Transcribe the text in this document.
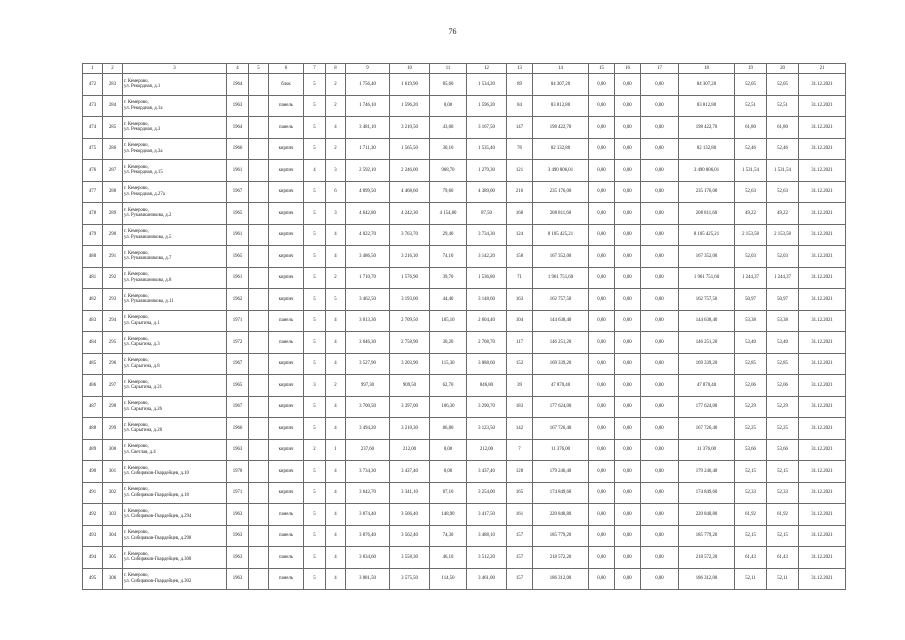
76
1	2	3	4	5	6	7	8	9	10	11	12	13	14	15	16	17	18	19	20	21
472	283	г. Кемерово,
ул. Рекордная, д.1	1964		блок	5	2	1 756,40	1 619,90	85,60	1 534,20	89	84 307,20	0,00	0,00	0,00	84 307,20	52,05	52,05	31.12.2021
473	284	г. Кемерово,
ул. Рекордная, д.1а	1963		панель	5	2	1 746,10	1 596,20	0,00	1 596,20	84	83 812,80	0,00	0,00	0,00	83 812,80	52,51	52,51	31.12.2021
474	285	г. Кемерово,
ул. Рекордная, д.3	1964		панель	5	4	3 481,10	3 210,50	43,00	3 167,50	147	198 422,70	0,00	0,00	0,00	198 422,70	61,80	61,80	31.12.2021
475	286	г. Кемерово,
ул. Рекордная, д.3а	1966		кирпич	5	2	1 711,30	1 565,50	30,10	1 535,40	76	82 132,80	0,00	0,00	0,00	82 132,80	52,46	52,46	31.12.2021
476	287	г. Кемерово,
ул. Рекордная, д.15	1961		кирпич	4	3	2 592,10	2 246,00	968,70	1 279,30	121	3 490 806,01	0,00	0,00	0,00	3 490 806,01	1 531,54	1 531,54	31.12.2021
477	288	г. Кемерово,
ул. Рекордная, д.27а	1967		кирпич	5	6	4 899,50	4 468,60	79,60	4 389,00	216	235 176,00	0,00	0,00	0,00	235 176,00	52,63	52,63	31.12.2021
478	289	г. Кемерово,
ул. Рукавишникова, д.2	1965		кирпич	5	3	4 642,80	4 242,30	4 154,80	87,50	168	208 811,60	0,00	0,00	0,00	208 811,60	49,22	49,22	31.12.2021
479	290	г. Кемерово,
ул. Рукавишникова, д.5	1961		кирпич	5	4	4 022,70	3 763,70	29,40	3 734,30	124	8 105 425,21	0,00	0,00	0,00	8 105 425,21	2 153,58	2 153,58	31.12.2021
480	291	г. Кемерово,
ул. Рукавишникова, д.7	1965		кирпич	5	4	3 486,50	3 216,30	74,10	3 142,20	158	167 352,00	0,00	0,00	0,00	167 352,00	52,03	52,03	31.12.2021
481	292	г. Кемерово,
ул. Рукавишникова, д.8	1961		кирпич	5	2	1 710,70	1 576,90	39,70	1 536,80	71	1 961 751,60	0,00	0,00	0,00	1 961 751,60	1 244,37	1 244,37	31.12.2021
482	293	г. Кемерово,
ул. Рукавишникова, д.11	1962		кирпич	5	5	3 462,50	3 193,00	44,40	3 148,60	163	162 757,50	0,00	0,00	0,00	162 757,50	50,97	50,97	31.12.2021
483	294	г. Кемерово,
ул. Сарыгина, д.1	1971		панель	5	4	3 013,30	2 709,50	105,10	2 604,40	104	144 638,40	0,00	0,00	0,00	144 638,40	53,38	53,38	31.12.2021
484	295	г. Кемерово,
ул. Сарыгина, д.3	1972		панель	5	4	3 046,30	2 758,90	30,20	2 708,70	117	146 251,20	0,00	0,00	0,00	146 251,20	53,40	53,40	31.12.2021
485	296	г. Кемерово,
ул. Сарыгина, д.8	1967		кирпич	5	4	3 527,90	3 203,90	115,30	3 088,60	152	169 339,20	0,00	0,00	0,00	169 339,20	52,85	52,85	31.12.2021
486	297	г. Кемерово,
ул. Сарыгина, д.21	1965		кирпич	3	2	997,30	909,50	62,70	846,80	39	47 870,40	0,00	0,00	0,00	47 870,40	52,06	52,06	31.12.2021
487	298	г. Кемерово,
ул. Сарыгина, д.26	1967		кирпич	5	4	3 700,50	3 397,00	106,30	3 290,70	183	177 624,00	0,00	0,00	0,00	177 624,00	52,29	52,29	31.12.2021
488	299	г. Кемерово,
ул. Сарыгина, д.28	1966		кирпич	5	4	3 494,20	3 210,30	86,80	3 123,50	142	167 726,40	0,00	0,00	0,00	167 726,40	52,25	52,25	31.12.2021
489	300	г. Кемерово,
ул. Светлая, д.4	1963		кирпич	2	1	237,60	212,00	0,00	212,00	7	11 376,00	0,00	0,00	0,00	11 376,00	53,66	53,66	31.12.2021
490	301	г. Кемерово,
ул. Сибиряков-Гвардейцев, д.10	1970		кирпич	5	4	3 734,30	3 437,40	0,00	3 437,40	128	179 246,40	0,00	0,00	0,00	179 246,40	52,15	52,15	31.12.2021
491	302	г. Кемерово,
ул. Сибиряков-Гвардейцев, д.18	1971		кирпич	5	4	3 642,70	3 341,10	87,10	3 254,00	165	174 849,60	0,00	0,00	0,00	174 849,60	52,33	52,33	31.12.2021
492	303	г. Кемерово,
ул. Сибиряков-Гвардейцев, д.294	1963		панель	5	4	3 874,40	3 566,40	148,90	3 417,50	161	220 840,80	0,00	0,00	0,00	220 840,80	61,92	61,92	31.12.2021
493	304	г. Кемерово,
ул. Сибиряков-Гвардейцев, д.298	1963		панель	5	4	3 876,40	3 562,40	74,30	3 488,10	157	185 779,20	0,00	0,00	0,00	185 779,20	52,15	52,15	31.12.2021
494	305	г. Кемерово,
ул. Сибиряков-Гвардейцев, д.300	1963		панель	5	4	3 834,60	3 558,30	46,10	3 512,20	157	218 572,20	0,00	0,00	0,00	218 572,20	61,43	61,43	31.12.2021
495	306	г. Кемерово,
ул. Сибиряков-Гвардейцев, д.302	1963		панель	5	4	3 881,50	3 575,50	114,50	3 461,00	157	186 312,00	0,00	0,00	0,00	186 312,00	52,11	52,11	31.12.2021
